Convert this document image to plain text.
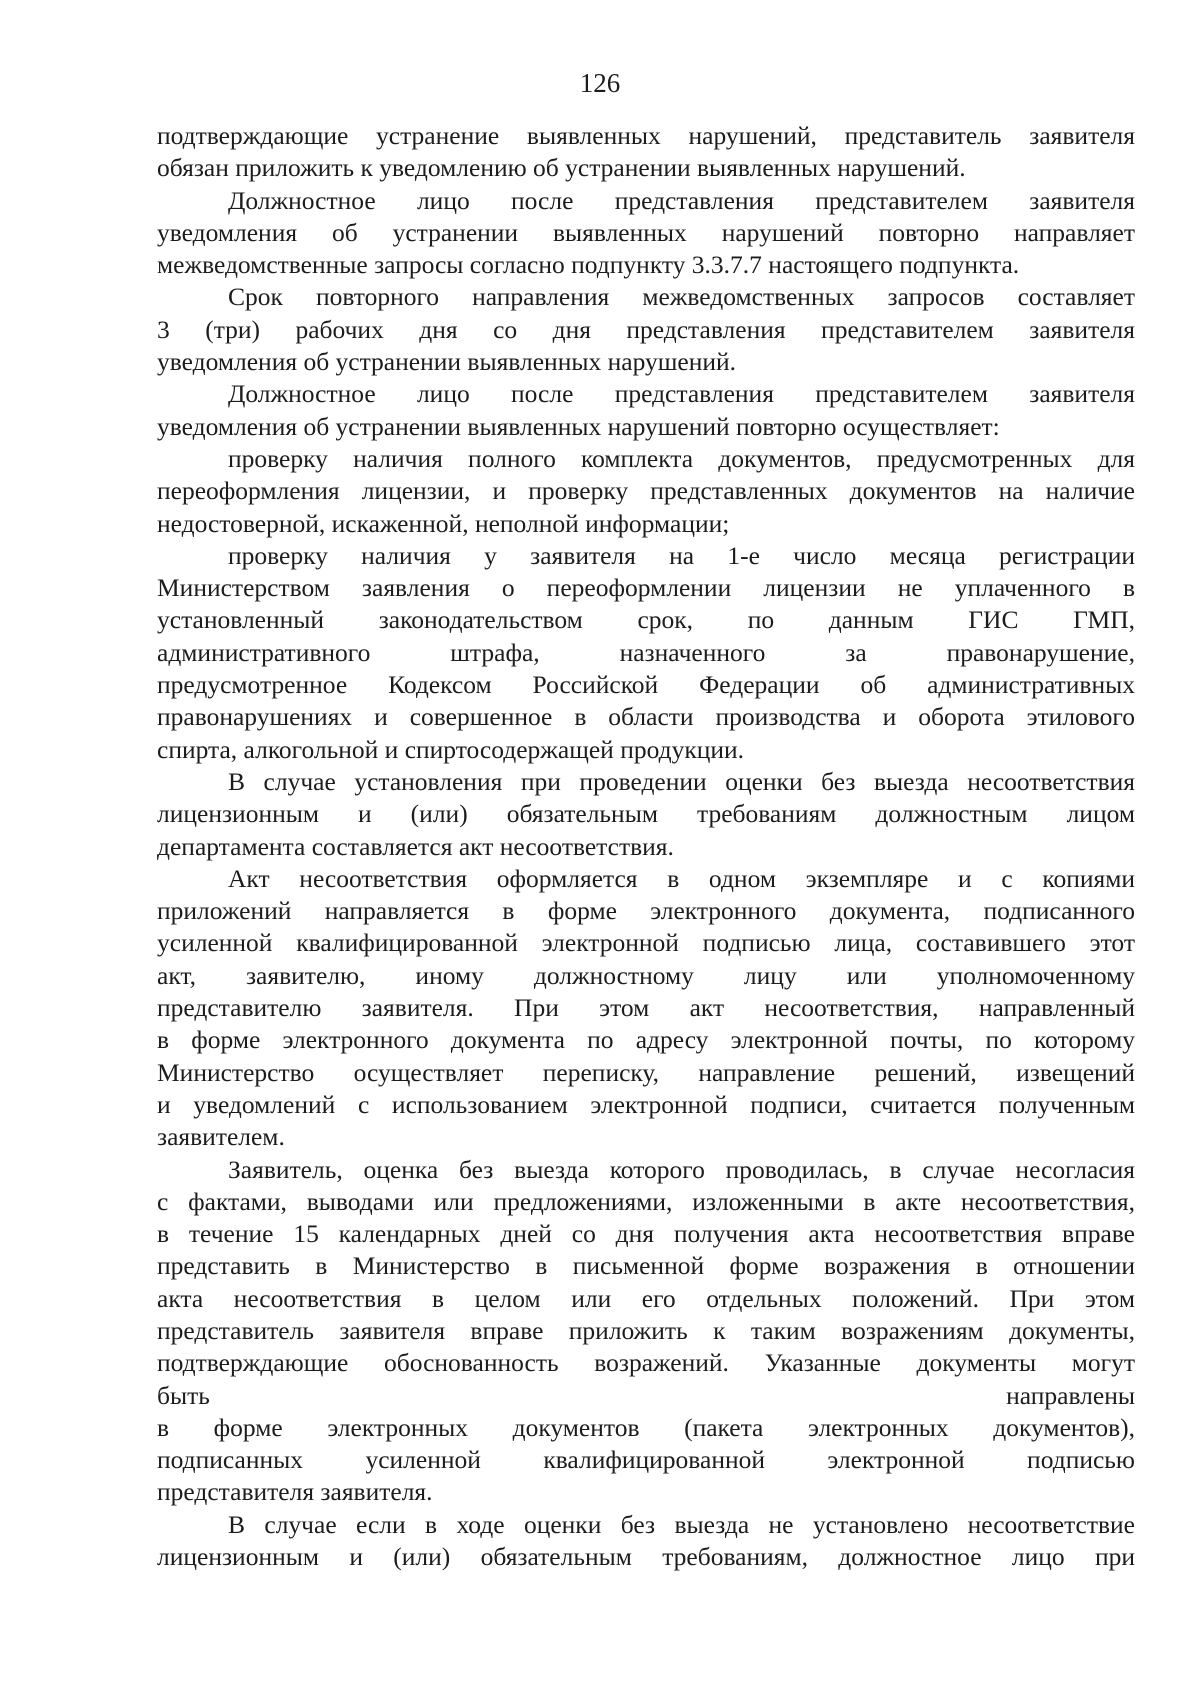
126
подтверждающие устранение выявленных нарушений, представитель заявителя
обязан приложить к уведомлению об устранении выявленных нарушений.
Должностное лицо после представления представителем заявителя
уведомления об устранении выявленных нарушений повторно направляет
межведомственные запросы согласно подпункту 3.3.7.7 настоящего подпункта.
Срок повторного направления межведомственных запросов составляет
3 (три) рабочих дня со дня представления представителем заявителя
уведомления об устранении выявленных нарушений.
Должностное лицо после представления представителем заявителя
уведомления об устранении выявленных нарушений повторно осуществляет:
проверку наличия полного комплекта документов, предусмотренных для
переоформления лицензии, и проверку представленных документов на наличие
недостоверной, искаженной, неполной информации;
проверку наличия у заявителя на 1-е число месяца регистрации
Министерством заявления о переоформлении лицензии не уплаченного в
установленный законодательством срок, по данным ГИС ГМП,
административного штрафа, назначенного за правонарушение,
предусмотренное Кодексом Российской Федерации об административных
правонарушениях и совершенное в области производства и оборота этилового
спирта, алкогольной и спиртосодержащей продукции.
В случае установления при проведении оценки без выезда несоответствия
лицензионным и (или) обязательным требованиям должностным лицом
департамента составляется акт несоответствия.
Акт несоответствия оформляется в одном экземпляре и с копиями
приложений направляется в форме электронного документа, подписанного
усиленной квалифицированной электронной подписью лица, составившего этот
акт, заявителю, иному должностному лицу или уполномоченному
представителю заявителя. При этом акт несоответствия, направленный
в форме электронного документа по адресу электронной почты, по которому
Министерство осуществляет переписку, направление решений, извещений
и уведомлений с использованием электронной подписи, считается полученным
заявителем.
Заявитель, оценка без выезда которого проводилась, в случае несогласия
с фактами, выводами или предложениями, изложенными в акте несоответствия,
в течение 15 календарных дней со дня получения акта несоответствия вправе
представить в Министерство в письменной форме возражения в отношении
акта несоответствия в целом или его отдельных положений. При этом
представитель заявителя вправе приложить к таким возражениям документы,
подтверждающие обоснованность возражений. Указанные документы могут
быть направлены
в форме электронных документов (пакета электронных документов),
подписанных усиленной квалифицированной электронной подписью
представителя заявителя.
В случае если в ходе оценки без выезда не установлено несоответствие
лицензионным и (или) обязательным требованиям, должностное лицо при
